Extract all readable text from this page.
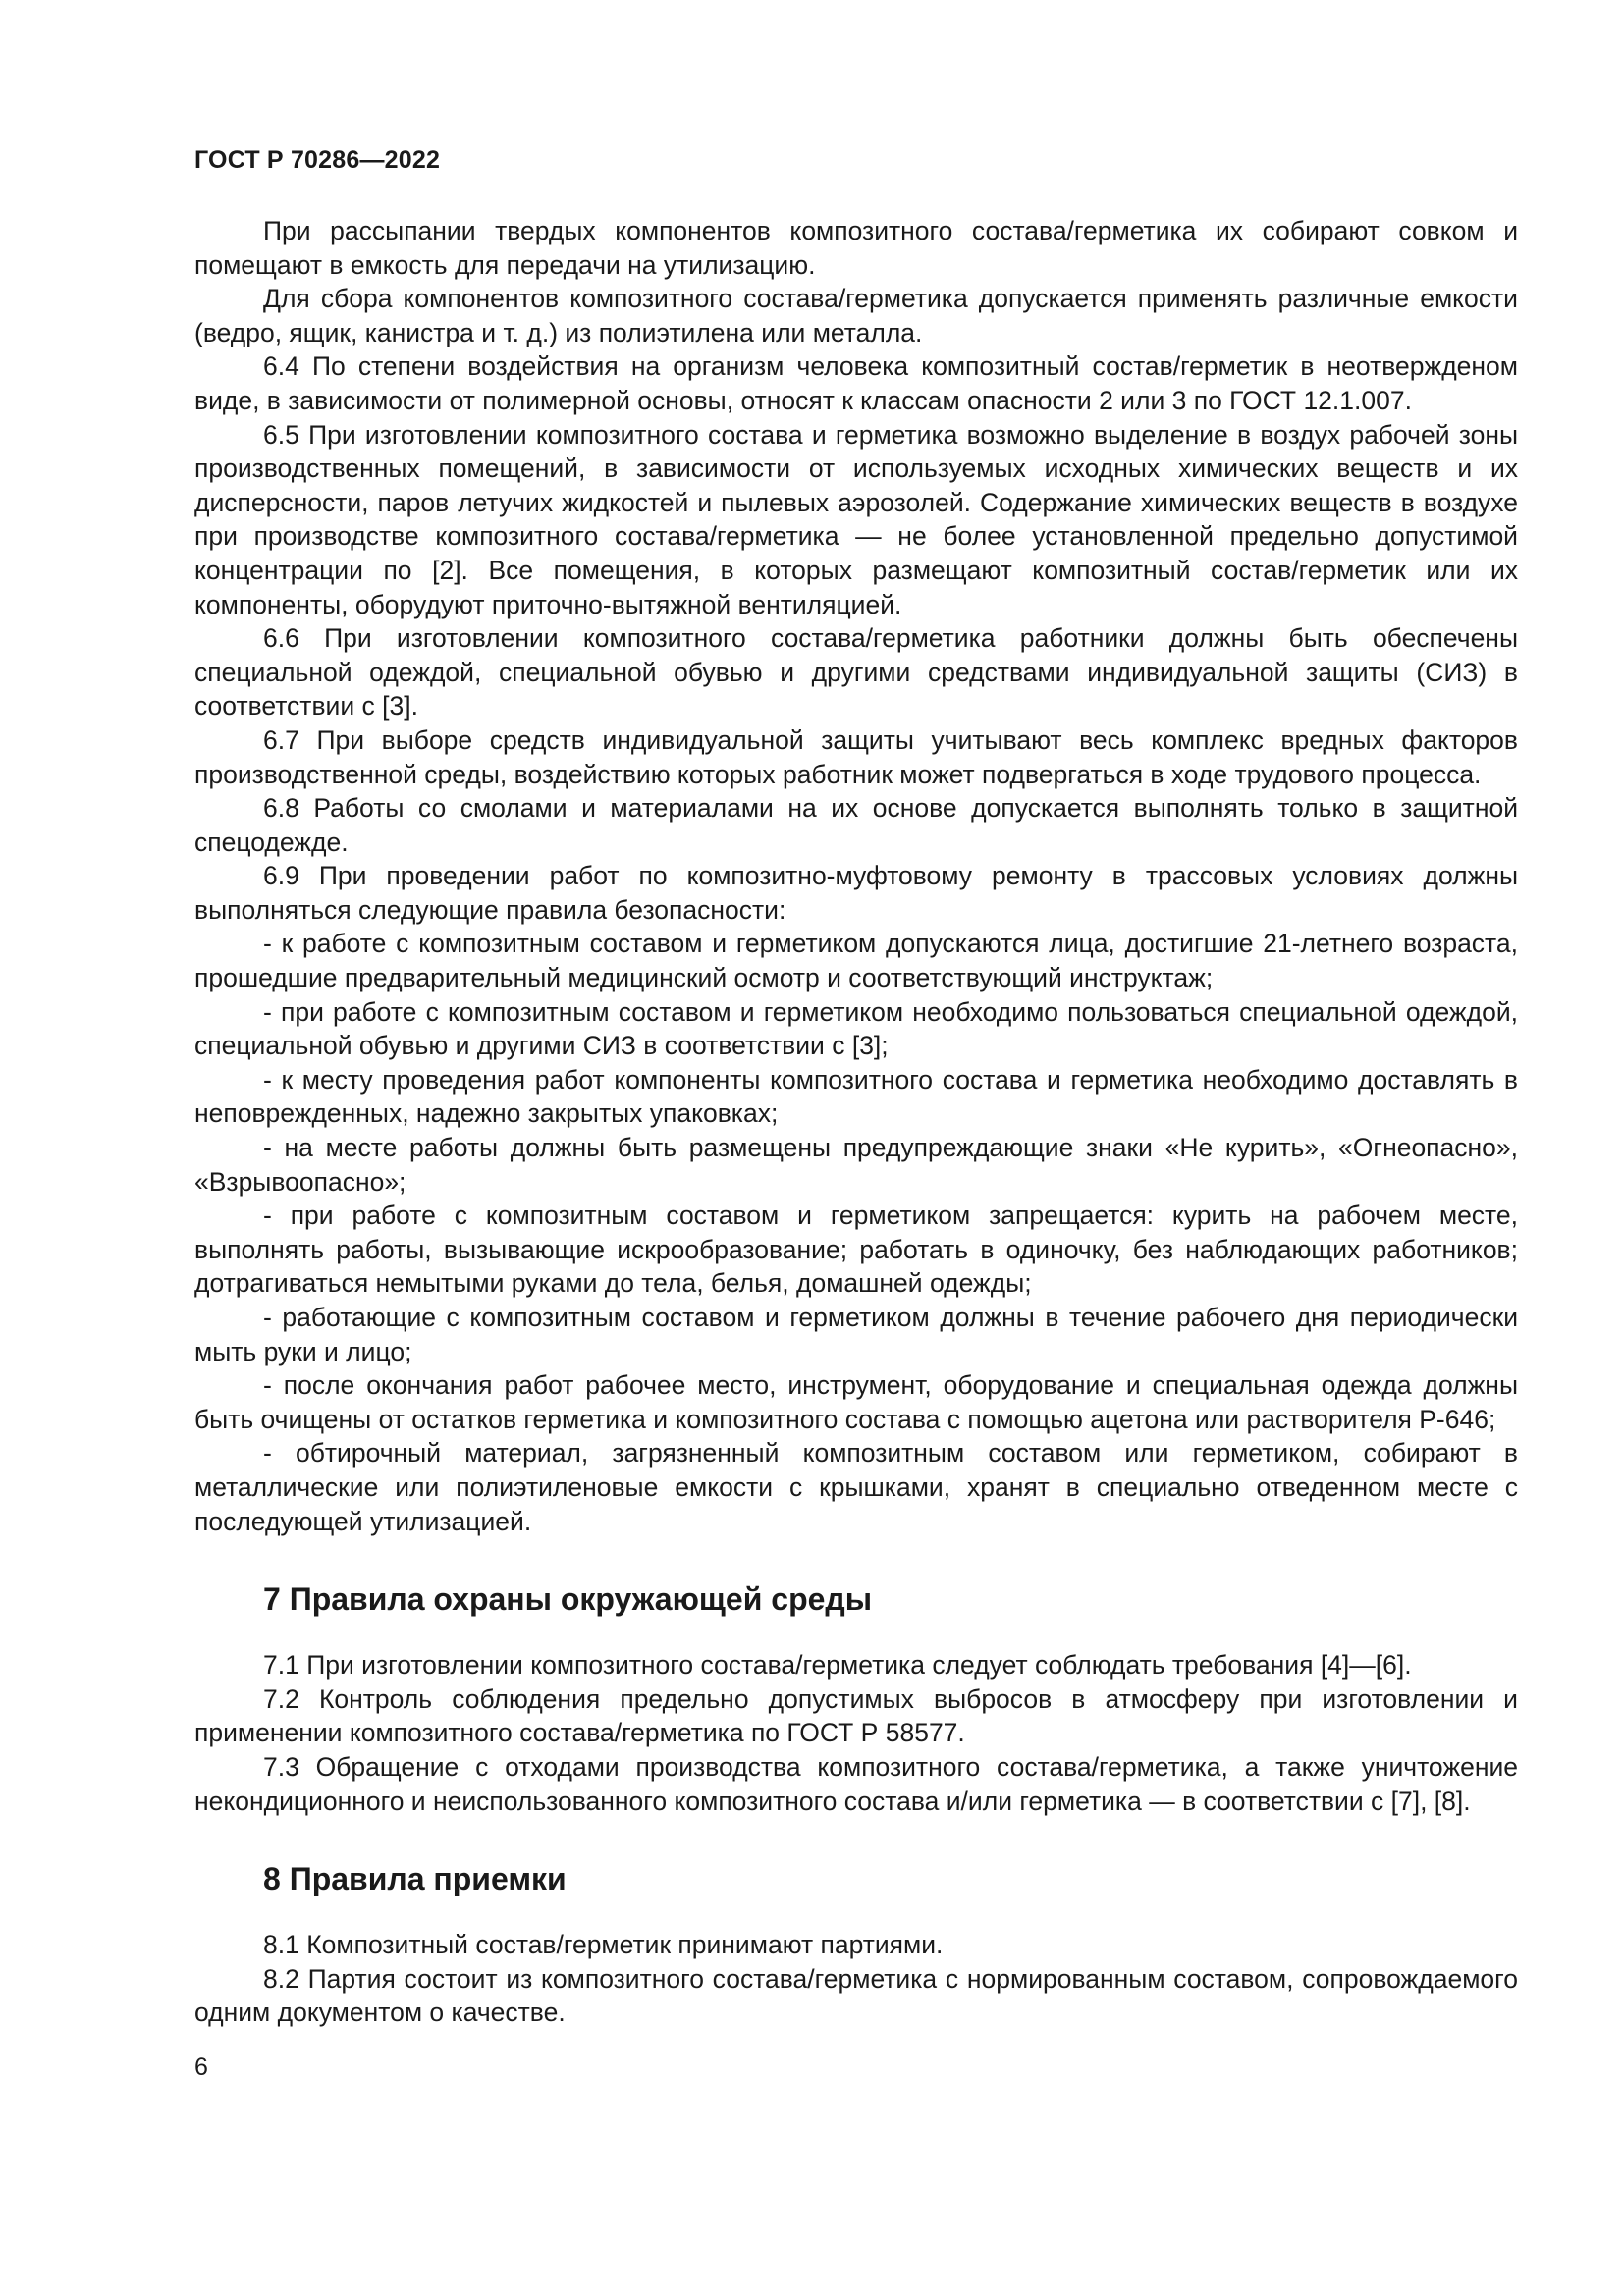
ГОСТ Р 70286—2022

При рассыпании твердых компонентов композитного состава/герметика их собирают совком и помещают в емкость для передачи на утилизацию.

Для сбора компонентов композитного состава/герметика допускается применять различные емкости (ведро, ящик, канистра и т. д.) из полиэтилена или металла.

6.4 По степени воздействия на организм человека композитный состав/герметик в неотвержденом виде, в зависимости от полимерной основы, относят к классам опасности 2 или 3 по ГОСТ 12.1.007.

6.5 При изготовлении композитного состава и герметика возможно выделение в воздух рабочей зоны производственных помещений, в зависимости от используемых исходных химических веществ и их дисперсности, паров летучих жидкостей и пылевых аэрозолей. Содержание химических веществ в воздухе при производстве композитного состава/герметика — не более установленной предельно допустимой концентрации по [2]. Все помещения, в которых размещают композитный состав/герметик или их компоненты, оборудуют приточно-вытяжной вентиляцией.

6.6 При изготовлении композитного состава/герметика работники должны быть обеспечены специальной одеждой, специальной обувью и другими средствами индивидуальной защиты (СИЗ) в соответствии с [3].

6.7 При выборе средств индивидуальной защиты учитывают весь комплекс вредных факторов производственной среды, воздействию которых работник может подвергаться в ходе трудового процесса.

6.8 Работы со смолами и материалами на их основе допускается выполнять только в защитной спецодежде.

6.9 При проведении работ по композитно-муфтовому ремонту в трассовых условиях должны выполняться следующие правила безопасности:

- к работе с композитным составом и герметиком допускаются лица, достигшие 21-летнего возраста, прошедшие предварительный медицинский осмотр и соответствующий инструктаж;

- при работе с композитным составом и герметиком необходимо пользоваться специальной одеждой, специальной обувью и другими СИЗ в соответствии с [3];

- к месту проведения работ компоненты композитного состава и герметика необходимо доставлять в неповрежденных, надежно закрытых упаковках;

- на месте работы должны быть размещены предупреждающие знаки «Не курить», «Огнеопасно», «Взрывоопасно»;

- при работе с композитным составом и герметиком запрещается: курить на рабочем месте, выполнять работы, вызывающие искрообразование; работать в одиночку, без наблюдающих работников; дотрагиваться немытыми руками до тела, белья, домашней одежды;

- работающие с композитным составом и герметиком должны в течение рабочего дня периодически мыть руки и лицо;

- после окончания работ рабочее место, инструмент, оборудование и специальная одежда должны быть очищены от остатков герметика и композитного состава с помощью ацетона или растворителя Р-646;

- обтирочный материал, загрязненный композитным составом или герметиком, собирают в металлические или полиэтиленовые емкости с крышками, хранят в специально отведенном месте с последующей утилизацией.

7 Правила охраны окружающей среды

7.1 При изготовлении композитного состава/герметика следует соблюдать требования [4]—[6].

7.2 Контроль соблюдения предельно допустимых выбросов в атмосферу при изготовлении и применении композитного состава/герметика по ГОСТ Р 58577.

7.3 Обращение с отходами производства композитного состава/герметика, а также уничтожение некондиционного и неиспользованного композитного состава и/или герметика — в соответствии с [7], [8].

8 Правила приемки

8.1 Композитный состав/герметик принимают партиями.

8.2 Партия состоит из композитного состава/герметика с нормированным составом, сопровождаемого одним документом о качестве.

6
